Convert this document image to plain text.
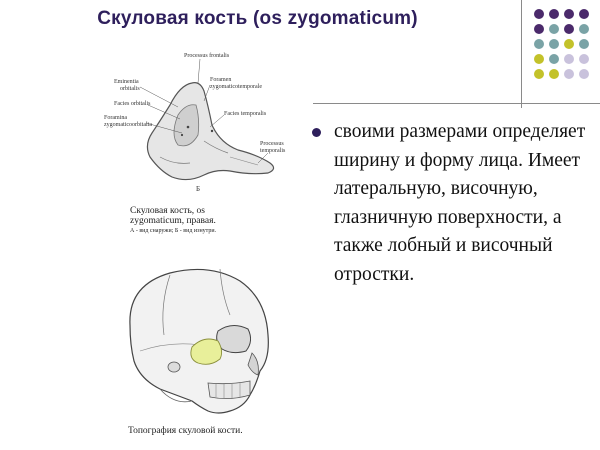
Скуловая кость (os zygomaticum)
Processus frontalis
Eminentia
orbitalis
Foramen
zygomaticotemporale
Facies orbitalis
Facies temporalis
Foramina
zygomaticoorbitalia
Processus
temporalis
Б
Скуловая кость, os
zygomaticum, правая.
А - вид снаружи; Б - вид изнутри.
Топография скуловой кости.
своими размерами определяет ширину и форму лица. Имеет латеральную, височную, глазничную поверхности, а также лобный и височный отростки.
